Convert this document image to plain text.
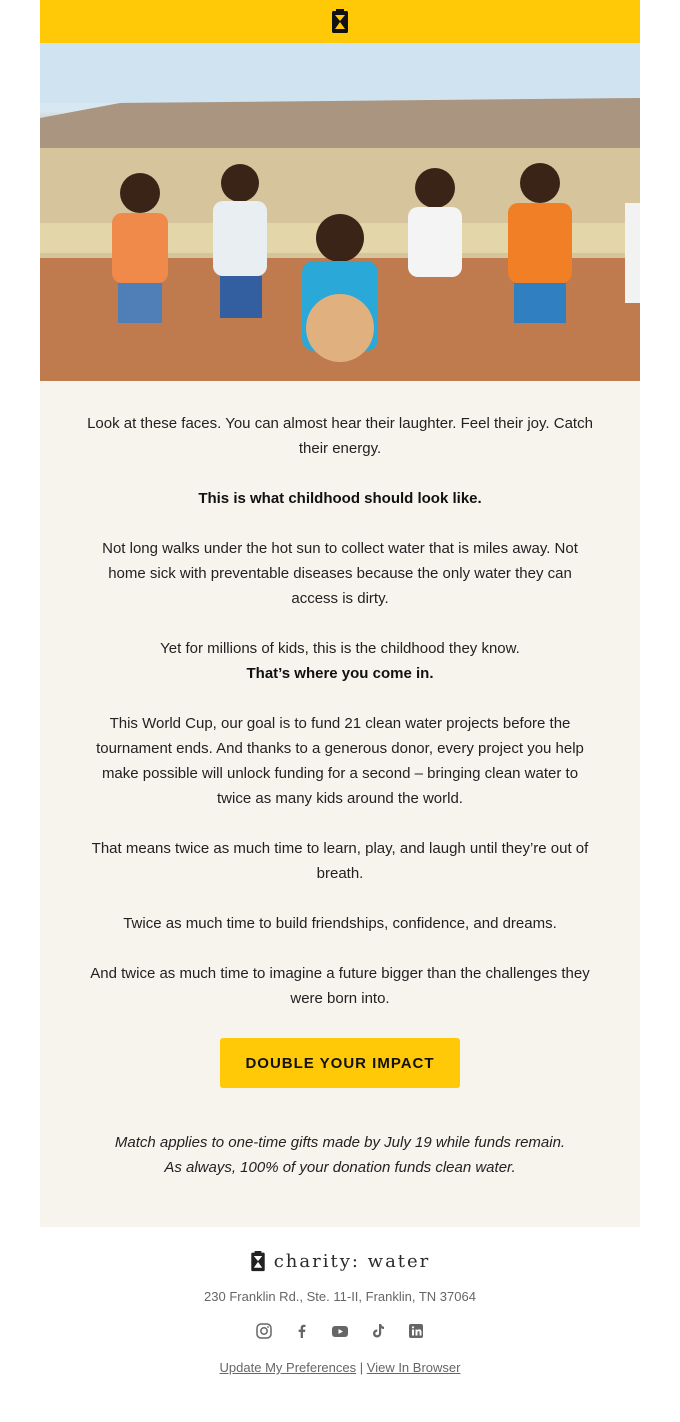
Look at these faces. You can almost hear their laughter. Feel their joy. Catch their energy.

This is what childhood should look like.

Not long walks under the hot sun to collect water that is miles away. Not home sick with preventable diseases because the only water they can access is dirty.

Yet for millions of kids, this is the childhood they know.

That’s where you come in.

This World Cup, our goal is to fund 21 clean water projects before the tournament ends. And thanks to a generous donor, every project you help make possible will unlock funding for a second – bringing clean water to twice as many kids around the world.

That means twice as much time to learn, play, and laugh until they’re out of breath.

Twice as much time to build friendships, confidence, and dreams.

And twice as much time to imagine a future bigger than the challenges they were born into.

DOUBLE YOUR IMPACT

Match applies to one-time gifts made by July 19 while funds remain.

As always, 100% of your donation funds clean water.

charity: water
230 Franklin Rd., Ste. 11-II, Franklin, TN 37064
Update My Preferences | View In Browser
